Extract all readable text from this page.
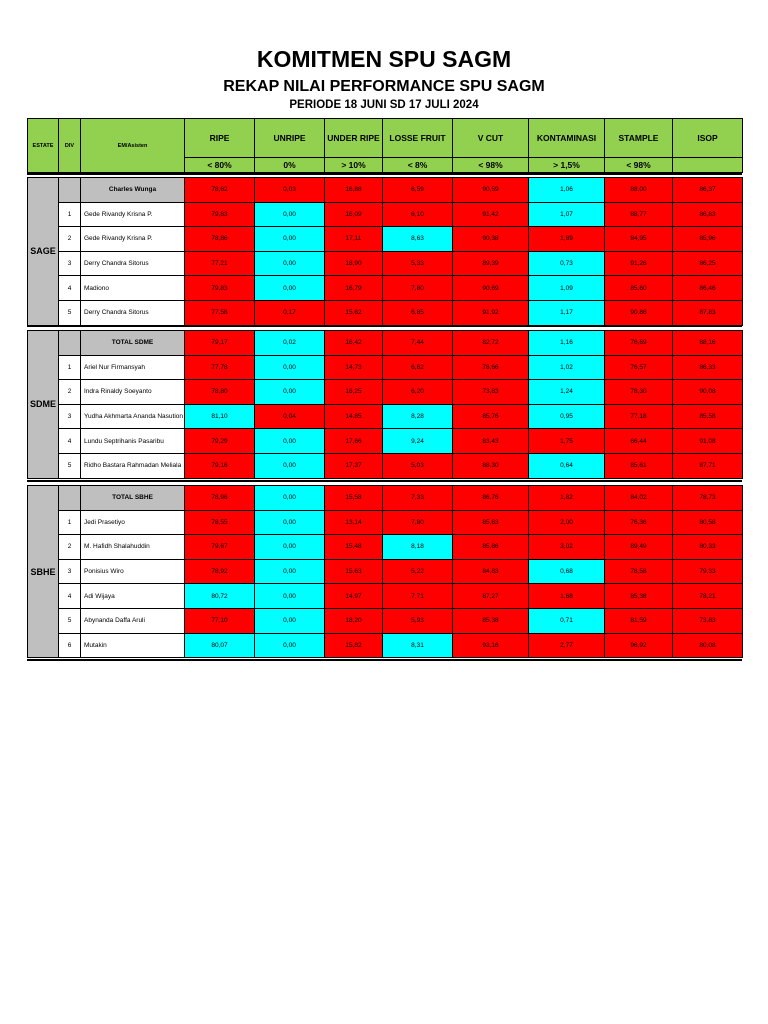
KOMITMEN SPU SAGM
REKAP NILAI PERFORMANCE SPU SAGM
PERIODE 18 JUNI SD 17 JULI 2024
ESTATE	DIV	EM/Asisten	RIPE	UNRIPE	UNDER RIPE	LOSSE FRUIT	V CUT	KONTAMINASI	STAMPLE	ISOP
			< 80%	0%	> 10%	< 8%	< 98%	> 1,5%	< 98%	
SAGE		Charles Wunga	78,62	0,03	16,88	6,59	90,59	1,06	88,00	86,37
	1	Gede Rivandy Krisna P.	79,83	0,00	16,09	6,10	91,42	1,07	88,77	86,83
	2	Gede Rivandy Krisna P.	78,86	0,00	17,11	8,63	90,38	1,89	84,95	85,96
	3	Derry Chandra Sitorus	77,21	0,00	18,90	5,33	89,39	0,73	91,26	86,25
	4	Madiono	79,83	0,00	16,79	7,80	90,69	1,09	85,60	86,46
	5	Derry Chandra Sitorus	77,58	0,17	15,62	6,85	91,92	1,17	90,86	87,83
SDME		TOTAL SDME	79,17	0,02	16,42	7,44	82,72	1,16	76,69	88,16
	1	Ariel Nur Firmansyah	77,78	0,00	14,73	6,62	78,66	1,02	76,57	86,33
	2	Indra Rinaldy Soeyanto	78,80	0,00	16,25	6,20	73,83	1,24	78,30	90,08
	3	Yudha Akhmarta Ananda Nasution	81,10	0,04	14,85	8,28	85,76	0,95	77,18	85,58
	4	Lundu Septrihanis Pasaribu	79,29	0,00	17,66	9,24	83,43	1,75	66,44	91,08
	5	Ridho Bastara Rahmadan Meliala	79,16	0,00	17,37	5,03	88,30	0,64	85,61	87,71
SBHE		TOTAL SBHE	78,96	0,00	15,58	7,33	86,76	1,82	84,02	78,73
	1	Jedi Prasetiyo	78,55	0,00	13,14	7,80	85,63	2,00	76,36	80,58
	2	M. Hafidh Shalahuddin	79,67	0,00	15,48	8,18	85,86	3,02	89,49	80,33
	3	Ponisius Wiro	78,92	0,00	15,63	5,22	84,83	0,68	78,58	79,33
	4	Adi Wijaya	80,72	0,00	14,97	7,71	87,27	1,68	85,38	78,21
	5	Abynanda Daffa Aruli	77,10	0,00	18,20	5,93	85,38	0,71	81,59	73,83
	6	Mutakin	80,07	0,00	15,82	8,31	93,16	2,77	96,92	80,08
